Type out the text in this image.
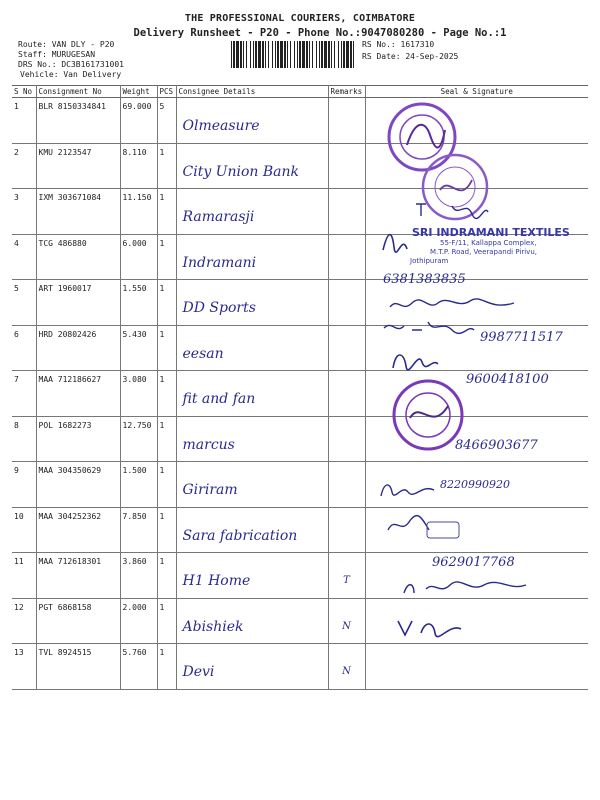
THE PROFESSIONAL COURIERS, COIMBATORE
Delivery Runsheet - P20 - Phone No.:9047080280 - Page No.:1
Route: VAN DLY - P20
Staff: MURUGESAN
DRS No.: DC3B161731001
Vehicle: Van Delivery
RS No.: 1617310
RS Date: 24-Sep-2025
S No	Consignment No	Weight	PCS	Consignee Details	Remarks	Seal & Signature
1	BLR 8150334841	69.000	5	Olmeasure		

2	KMU 2123547	8.110	1	City Union Bank		

3	IXM 303671084	11.150	1	Ramarasji		

4	TCG 486880	6.000	1	Indramani		

5	ART 1960017	1.550	1	DD Sports		

6	HRD 20802426	5.430	1	eesan		

7	MAA 712186627	3.080	1	fit and fan		

8	POL 1682273	12.750	1	marcus		

9	MAA 304350629	1.500	1	Giriram		

10	MAA 304252362	7.850	1	Sara fabrication		

11	MAA 712618301	3.860	1	H1 Home	T	

12	PGT 6868158	2.000	1	Abishiek	N	

13	TVL 8924515	5.760	1	Devi	N	

SRI INDRAMANI TEXTILES
55-F/11, Kallappa Complex,
M.T.P. Road, Veerapandi Pirivu,
Jothipuram
6381383835
9987711517
9600418100
8466903677
8220990920
9629017768
